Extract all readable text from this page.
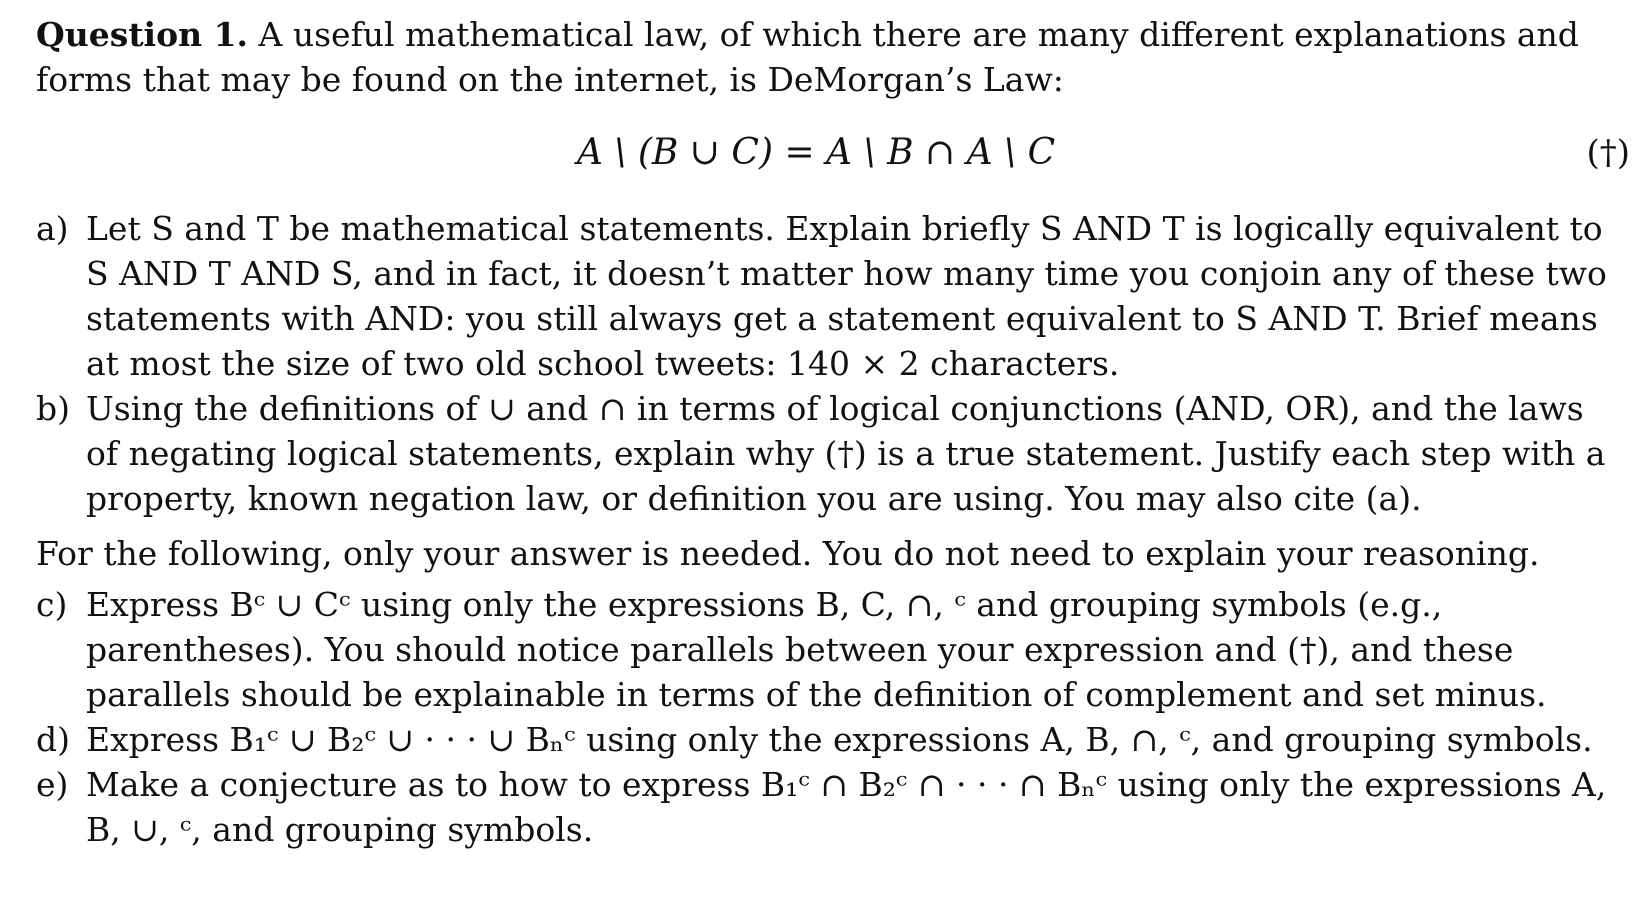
Question 1. A useful mathematical law, of which there are many different explanations and forms that may be found on the internet, is DeMorgan’s Law:

A \ (B ∪ C) = A \ B ∩ A \ C	(†)
a) Let S and T be mathematical statements. Explain briefly S AND T is logically equivalent to S AND T AND S, and in fact, it doesn’t matter how many time you conjoin any of these two statements with AND: you still always get a statement equivalent to S AND T. Brief means at most the size of two old school tweets: 140 × 2 characters.
b) Using the definitions of ∪ and ∩ in terms of logical conjunctions (AND, OR), and the laws of negating logical statements, explain why (†) is a true statement. Justify each step with a property, known negation law, or definition you are using. You may also cite (a).

For the following, only your answer is needed. You do not need to explain your reasoning.

c) Express Bᶜ ∪ Cᶜ using only the expressions B, C, ∩, ᶜ and grouping symbols (e.g., parentheses). You should notice parallels between your expression and (†), and these parallels should be explainable in terms of the definition of complement and set minus.
d) Express B₁ᶜ ∪ B₂ᶜ ∪ · · · ∪ Bₙᶜ using only the expressions A, B, ∩, ᶜ, and grouping symbols.
e) Make a conjecture as to how to express B₁ᶜ ∩ B₂ᶜ ∩ · · · ∩ Bₙᶜ using only the expressions A, B, ∪, ᶜ, and grouping symbols.
